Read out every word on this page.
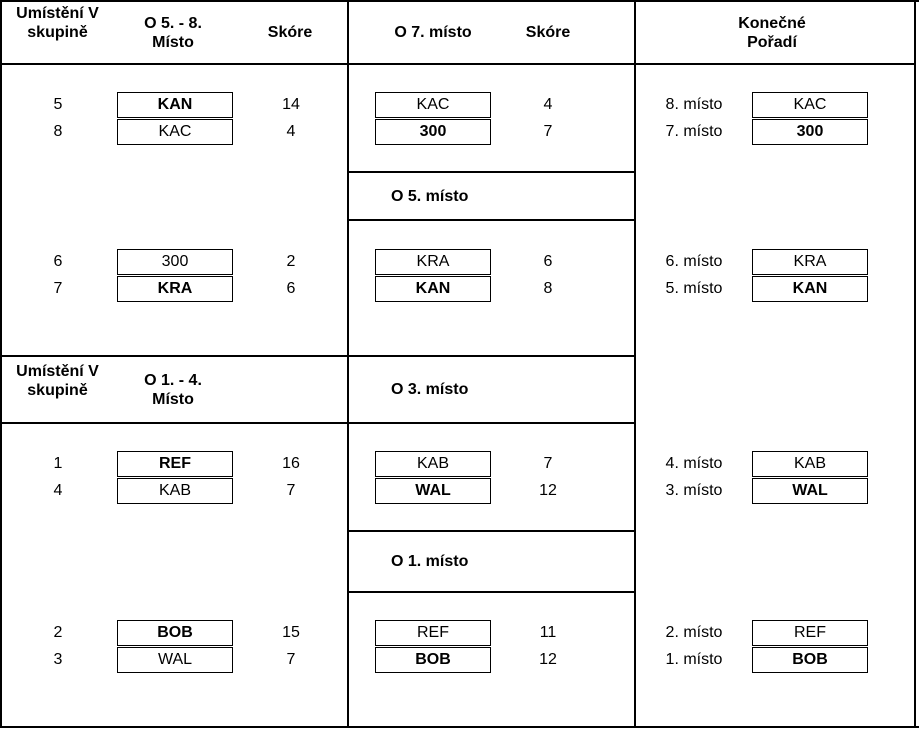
Umístění V skupině
O 5. - 8. Místo
Skóre	O 7. místo	Skóre
Konečné Pořadí
Umístění V skupině
O 1. - 4. Místo
O 5. místo
O 3. místo
O 1. místo
5	KAN	14
8	KAC	4
6	300	2
7	KRA	6
1	REF	16
4	KAB	7
2	BOB	15
3	WAL	7
KAC	4
300	7
KRA	6
KAN	8
KAB	7
WAL	12
REF	11
BOB	12
8. místo	KAC
7. místo	300
6. místo	KRA
5. místo	KAN
4. místo	KAB
3. místo	WAL
2. místo	REF
1. místo	BOB
